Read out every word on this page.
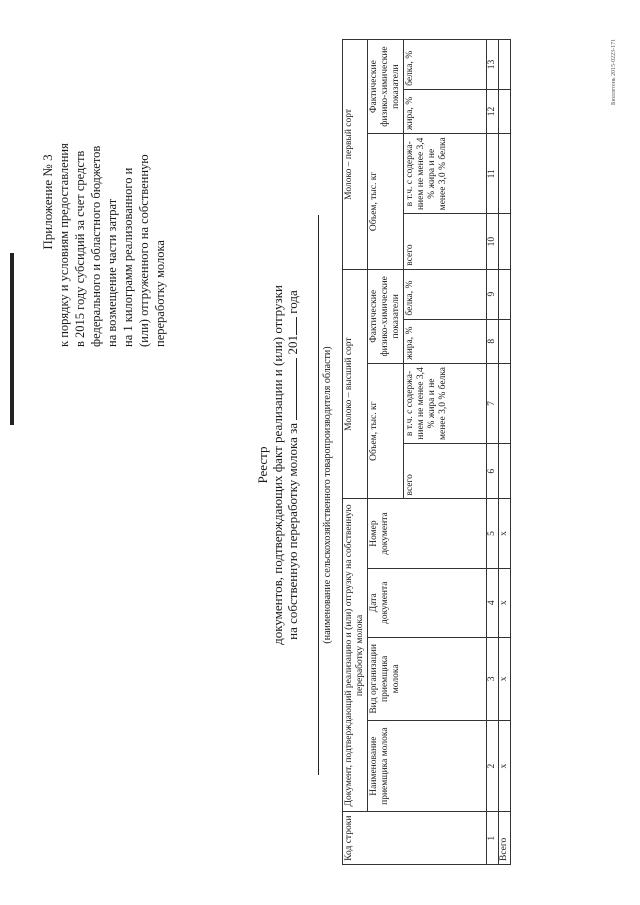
Приложение № 3 к порядку и условиям предоставления в 2015 году субсидий за счет средств федерального и областного бюджетов на возмещение части затрат на 1 килограмм реализованного и (или) отгруженного на собственную переработку молока
Реестр документов, подтверждающих факт реализации и (или) отгрузки на собственную переработку молока за  201 года
(наименование сельскохозяйственного товаропроизводителя области)
Код строки	Документ, подтверждающий реализацию и (или) отгрузку на собственную переработку молока				Молоко – высший сорт				Молоко – первый сорт			
	Наименование приемщика молока	Вид организации приемщика молока	Дата документа	Номер документа	Объем, тыс. кг		Фактические физико-химические показатели		Объем, тыс. кг		Фактические физико-химические показатели	
					всего	в т.ч. с содержа-нием не менее 3,4 % жира и не менее 3,0 % белка	жира, %	белка, %	всего	в т.ч. с содержа-нием не менее 3,4 % жира и не менее 3,0 % белка	жира, %	белка, %
1	2	3	4	5	6	7	8	9	10	11	12	13
Всего	x	x	x	x								
Бюллетень 2015-0223-171
